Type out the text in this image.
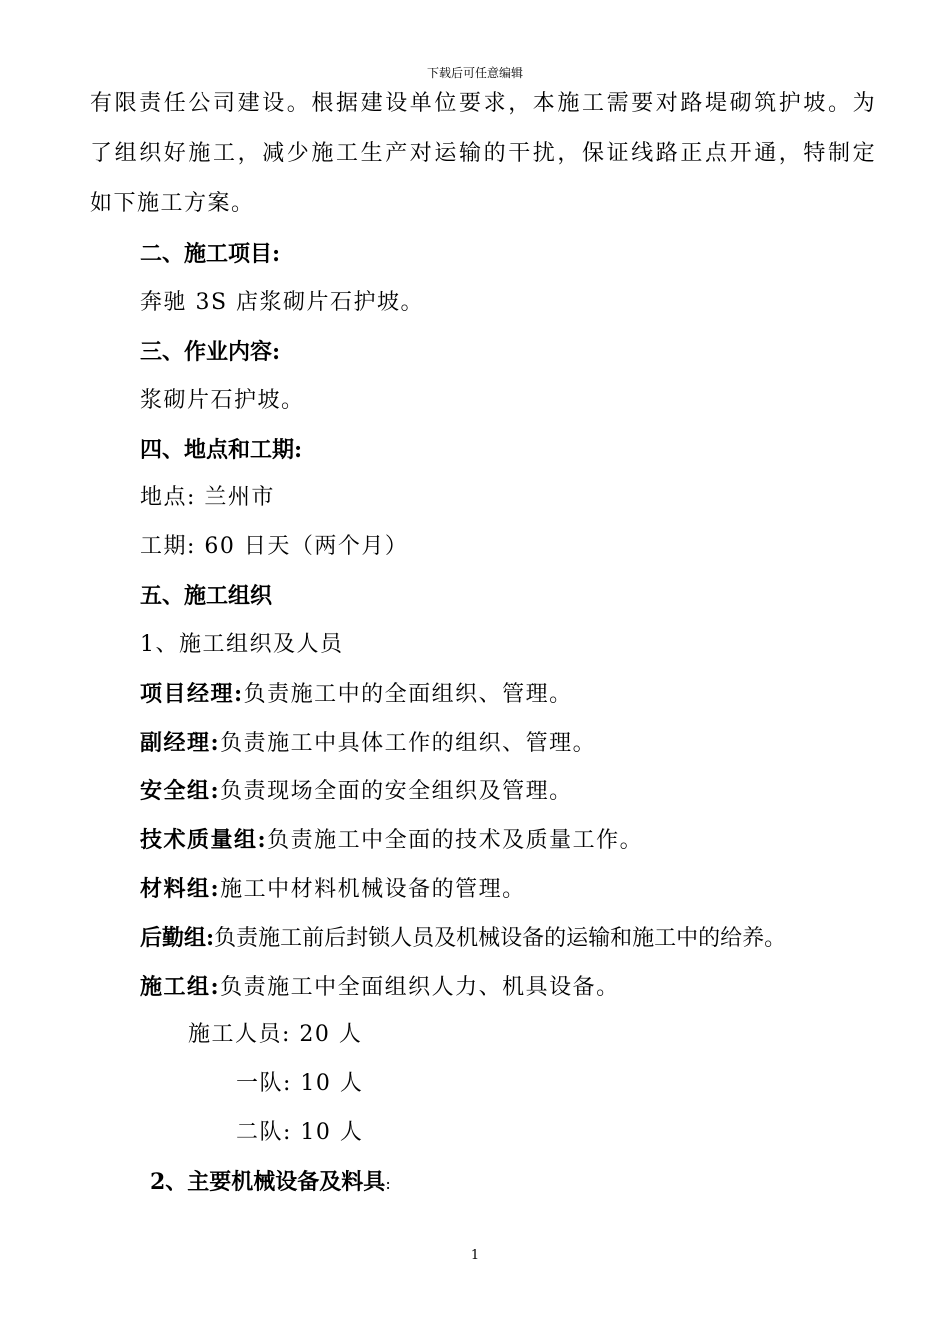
下载后可任意编辑
有限责任公司建设。根据建设单位要求，本施工需要对路堤砌筑护坡。为
了组织好施工，减少施工生产对运输的干扰，保证线路正点开通，特制定
如下施工方案。
二、施工项目:
奔驰 3S 店浆砌片石护坡。
三、作业内容:
浆砌片石护坡。
四、地点和工期:
地点: 兰州市
工期: 60 日天（两个月）
五、施工组织
1、施工组织及人员
项目经理:负责施工中的全面组织、管理。
副经理:负责施工中具体工作的组织、管理。
安全组:负责现场全面的安全组织及管理。
技术质量组:负责施工中全面的技术及质量工作。
材料组:施工中材料机械设备的管理。
后勤组:负责施工前后封锁人员及机械设备的运输和施工中的给养。
施工组:负责施工中全面组织人力、机具设备。
施工人员: 20 人
一队: 10 人
二队: 10 人
2、主要机械设备及料具:
1
